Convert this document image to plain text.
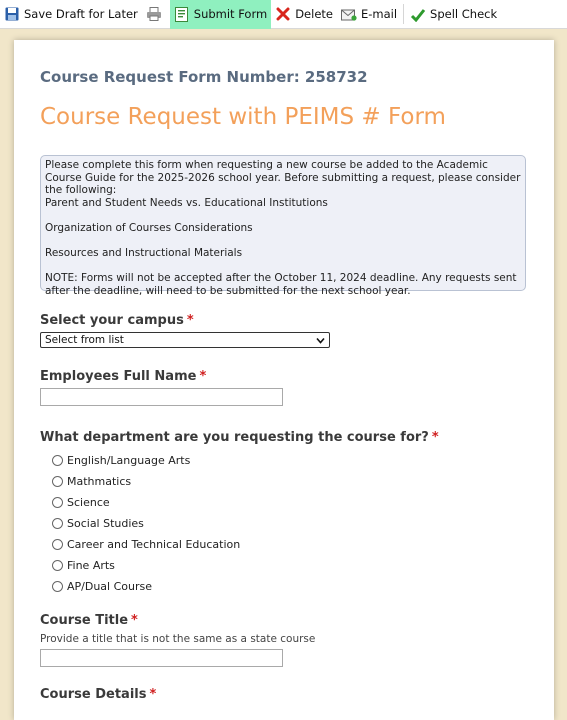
Save Draft for Later	Submit Form Delete E-mail	Spell Check
Course Request Form Number: 258732
Course Request with PEIMS # Form

Please complete this form when requesting a new course be added to the Academic Course Guide for the 2025-2026 school year. Before submitting a request, please consider the following:

Parent and Student Needs vs. Educational Institutions

Organization of Courses Considerations

Resources and Instructional Materials

NOTE: Forms will not be accepted after the October 11, 2024 deadline. Any requests sent after the deadline, will need to be submitted for the next school year.

Select your campus *
Select from list
Employees Full Name *
What department are you requesting the course for? *
English/Language Arts
Mathmatics
Science
Social Studies
Career and Technical Education
Fine Arts
AP/Dual Course
Course Title *
Provide a title that is not the same as a state course
Course Details *
